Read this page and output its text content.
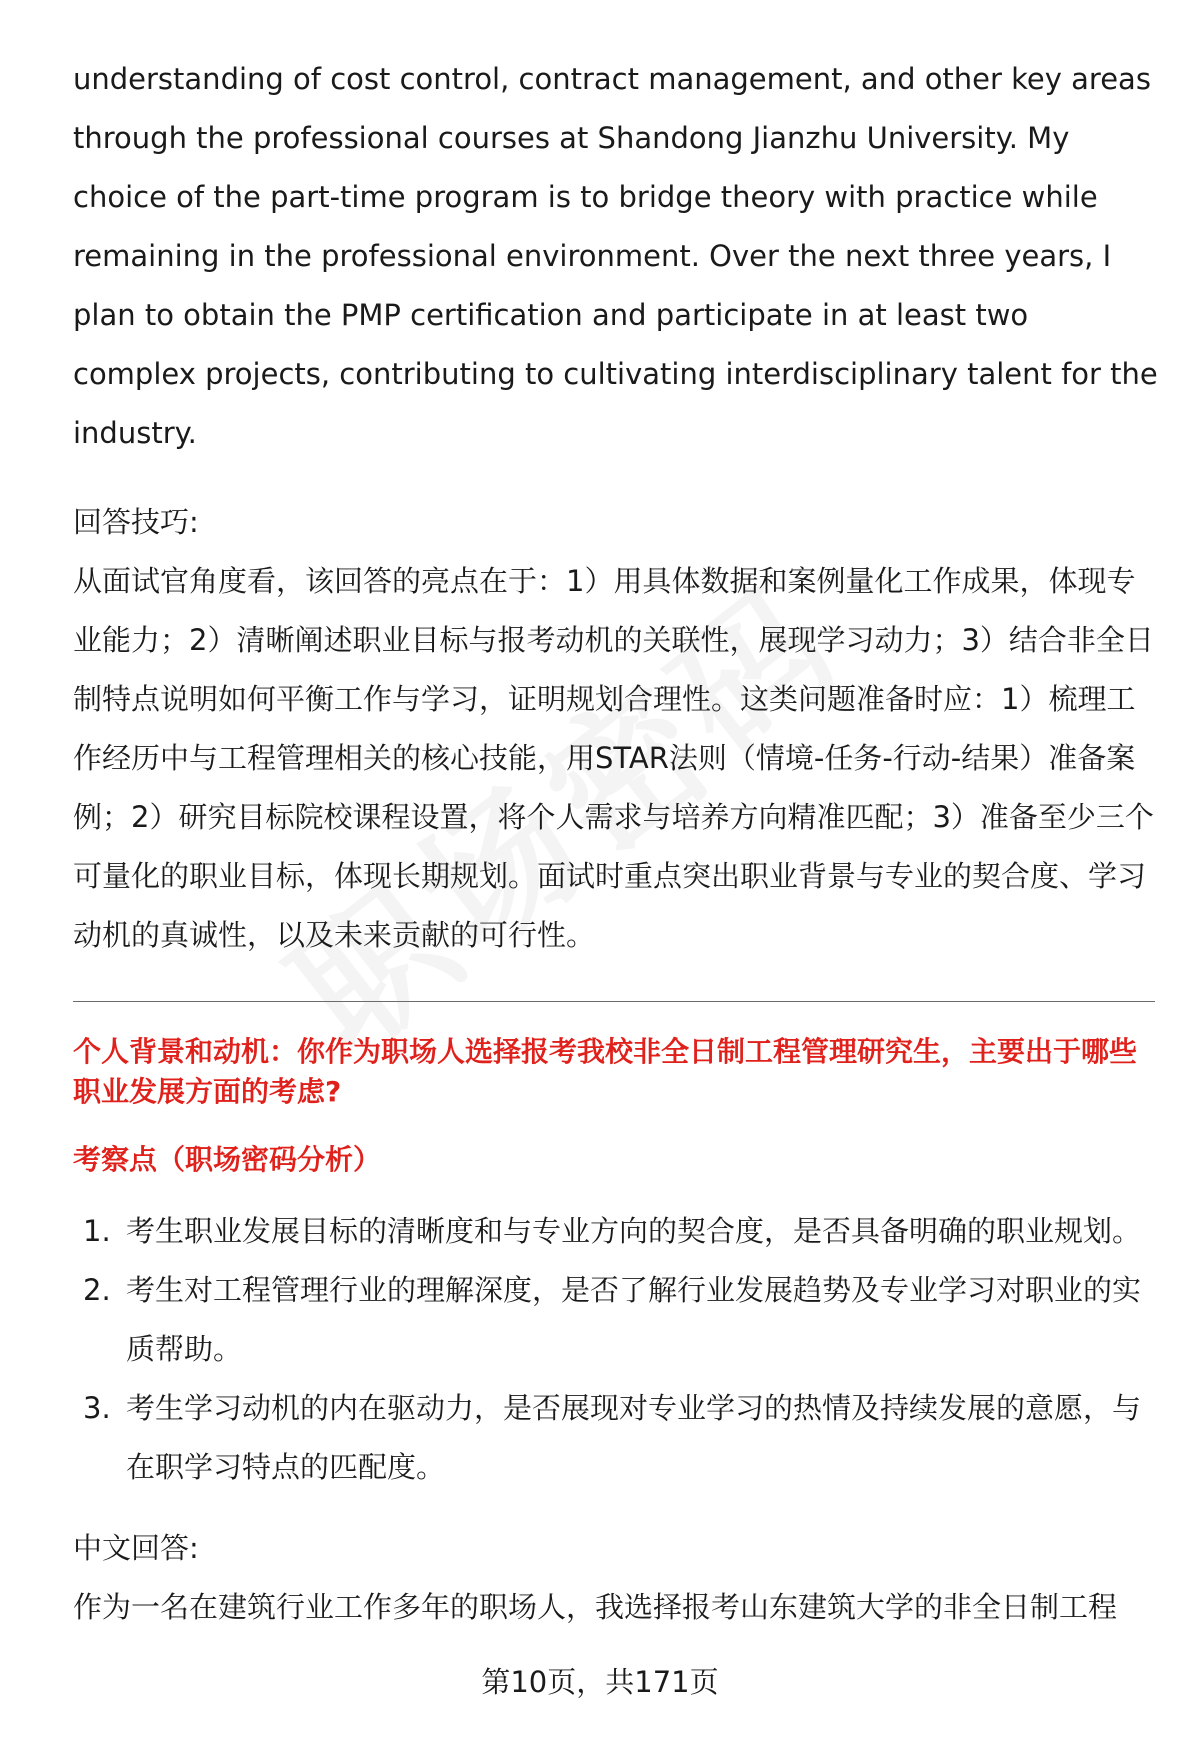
understanding of cost control, contract management, and other key areas through the professional courses at Shandong Jianzhu University. My choice of the part-time program is to bridge theory with practice while remaining in the professional environment. Over the next three years, I plan to obtain the PMP certification and participate in at least two complex projects, contributing to cultivating interdisciplinary talent for the industry.

回答技巧:

从面试官角度看，该回答的亮点在于：1）用具体数据和案例量化工作成果，体现专业能力；2）清晰阐述职业目标与报考动机的关联性，展现学习动力；3）结合非全日制特点说明如何平衡工作与学习，证明规划合理性。这类问题准备时应：1）梳理工作经历中与工程管理相关的核心技能，用STAR法则（情境-任务-行动-结果）准备案例；2）研究目标院校课程设置，将个人需求与培养方向精准匹配；3）准备至少三个可量化的职业目标，体现长期规划。面试时重点突出职业背景与专业的契合度、学习动机的真诚性，以及未来贡献的可行性。

个人背景和动机：你作为职场人选择报考我校非全日制工程管理研究生，主要出于哪些职业发展方面的考虑?

考察点（职场密码分析）

1. 考生职业发展目标的清晰度和与专业方向的契合度，是否具备明确的职业规划。
2. 考生对工程管理行业的理解深度，是否了解行业发展趋势及专业学习对职业的实质帮助。
3. 考生学习动机的内在驱动力，是否展现对专业学习的热情及持续发展的意愿，与在职学习特点的匹配度。

中文回答:

作为一名在建筑行业工作多年的职场人，我选择报考山东建筑大学的非全日制工程

第10页，共171页
